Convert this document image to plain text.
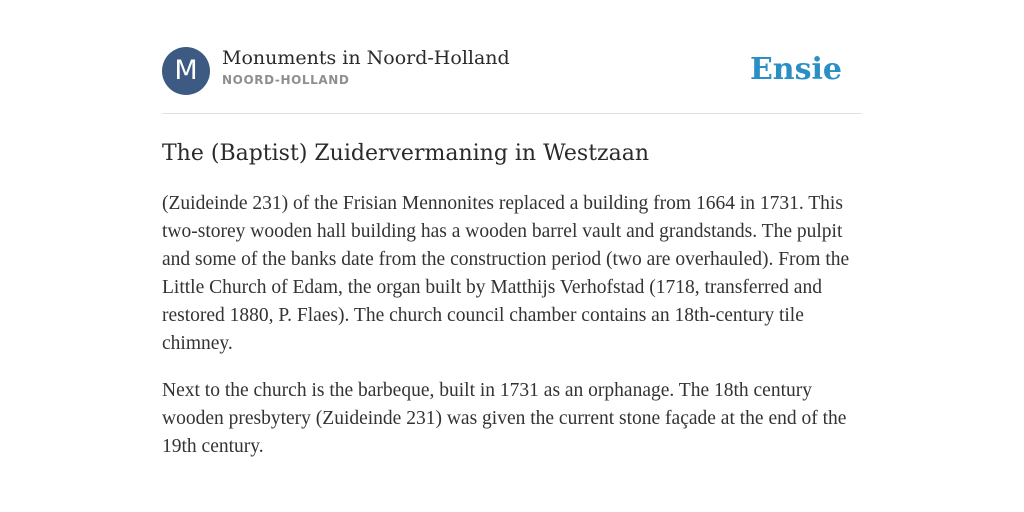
M	Monuments in Noord-Holland
NOORD-HOLLAND	Ensie
The (Baptist) Zuidervermaning in Westzaan

(Zuideinde 231) of the Frisian Mennonites replaced a building from 1664 in 1731. This two-storey wooden hall building has a wooden barrel vault and grandstands. The pulpit and some of the banks date from the construction period (two are overhauled). From the Little Church of Edam, the organ built by Matthijs Verhofstad (1718, transferred and restored 1880, P. Flaes). The church council chamber contains an 18th-century tile chimney.

Next to the church is the barbeque, built in 1731 as an orphanage. The 18th century wooden presbytery (Zuideinde 231) was given the current stone façade at the end of the 19th century.
